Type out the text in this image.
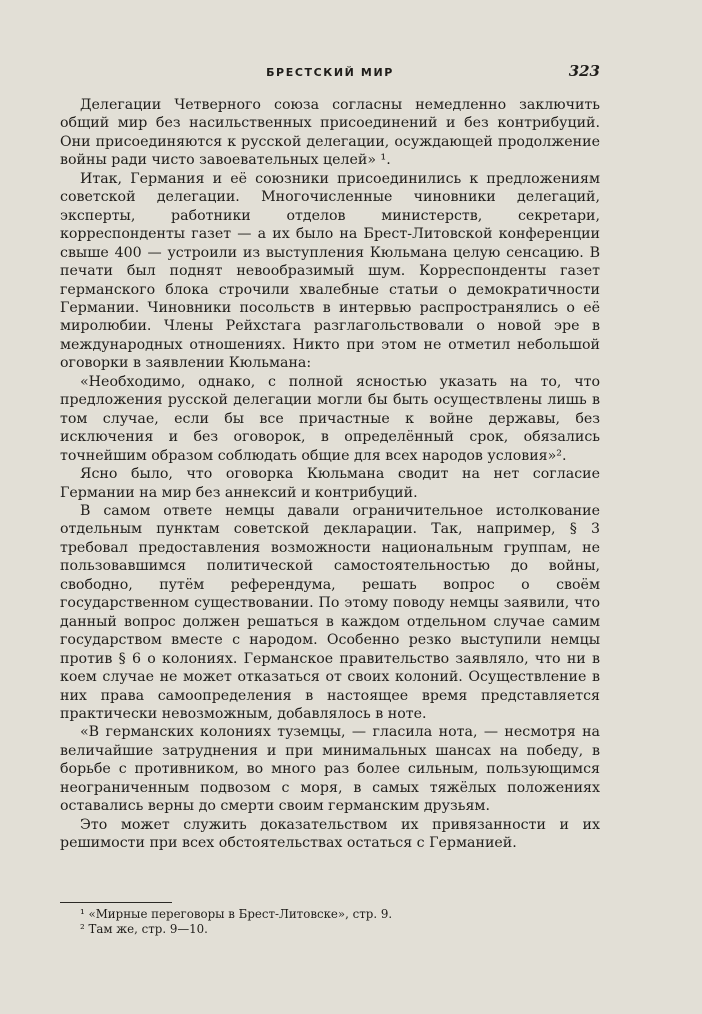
БРЕСТСКИЙ МИР	323

Делегации Четверного союза согласны немедленно заключить общий мир без насильственных присоединений и без контрибуций. Они присоединяются к русской делегации, осуждающей продолжение войны ради чисто завоевательных целей» ¹.

Итак, Германия и её союзники присоединились к предложениям советской делегации. Многочисленные чиновники делегаций, эксперты, работники отделов министерств, секретари, корреспонденты газет — а их было на Брест-Литовской конференции свыше 400 — устроили из выступления Кюльмана целую сенсацию. В печати был поднят невообразимый шум. Корреспонденты газет германского блока строчили хвалебные статьи о демократичности Германии. Чиновники посольств в интервью распространялись о её миролюбии. Члены Рейхстага разглагольствовали о новой эре в международных отношениях. Никто при этом не отметил небольшой оговорки в заявлении Кюльмана:

«Необходимо, однако, с полной ясностью указать на то, что предложения русской делегации могли бы быть осуществлены лишь в том случае, если бы все причастные к войне державы, без исключения и без оговорок, в определённый срок, обязались точнейшим образом соблюдать общие для всех народов условия»².

Ясно было, что оговорка Кюльмана сводит на нет согласие Германии на мир без аннексий и контрибуций.

В самом ответе немцы давали ограничительное истолкование отдельным пунктам советской декларации. Так, например, § 3 требовал предоставления возможности национальным группам, не пользовавшимся политической самостоятельностью до войны, свободно, путём референдума, решать вопрос о своём государственном существовании. По этому поводу немцы заявили, что данный вопрос должен решаться в каждом отдельном случае самим государством вместе с народом. Особенно резко выступили немцы против § 6 о колониях. Германское правительство заявляло, что ни в коем случае не может отказаться от своих колоний. Осуществление в них права самоопределения в настоящее время представляется практически невозможным, добавлялось в ноте.

«В германских колониях туземцы, — гласила нота, — несмотря на величайшие затруднения и при минимальных шансах на победу, в борьбе с противником, во много раз более сильным, пользующимся неограниченным подвозом с моря, в самых тяжёлых положениях оставались верны до смерти своим германским друзьям.

Это может служить доказательством их привязанности и их решимости при всех обстоятельствах остаться с Германией.

¹ «Мирные переговоры в Брест-Литовске», стр. 9.

² Там же, стр. 9—10.
